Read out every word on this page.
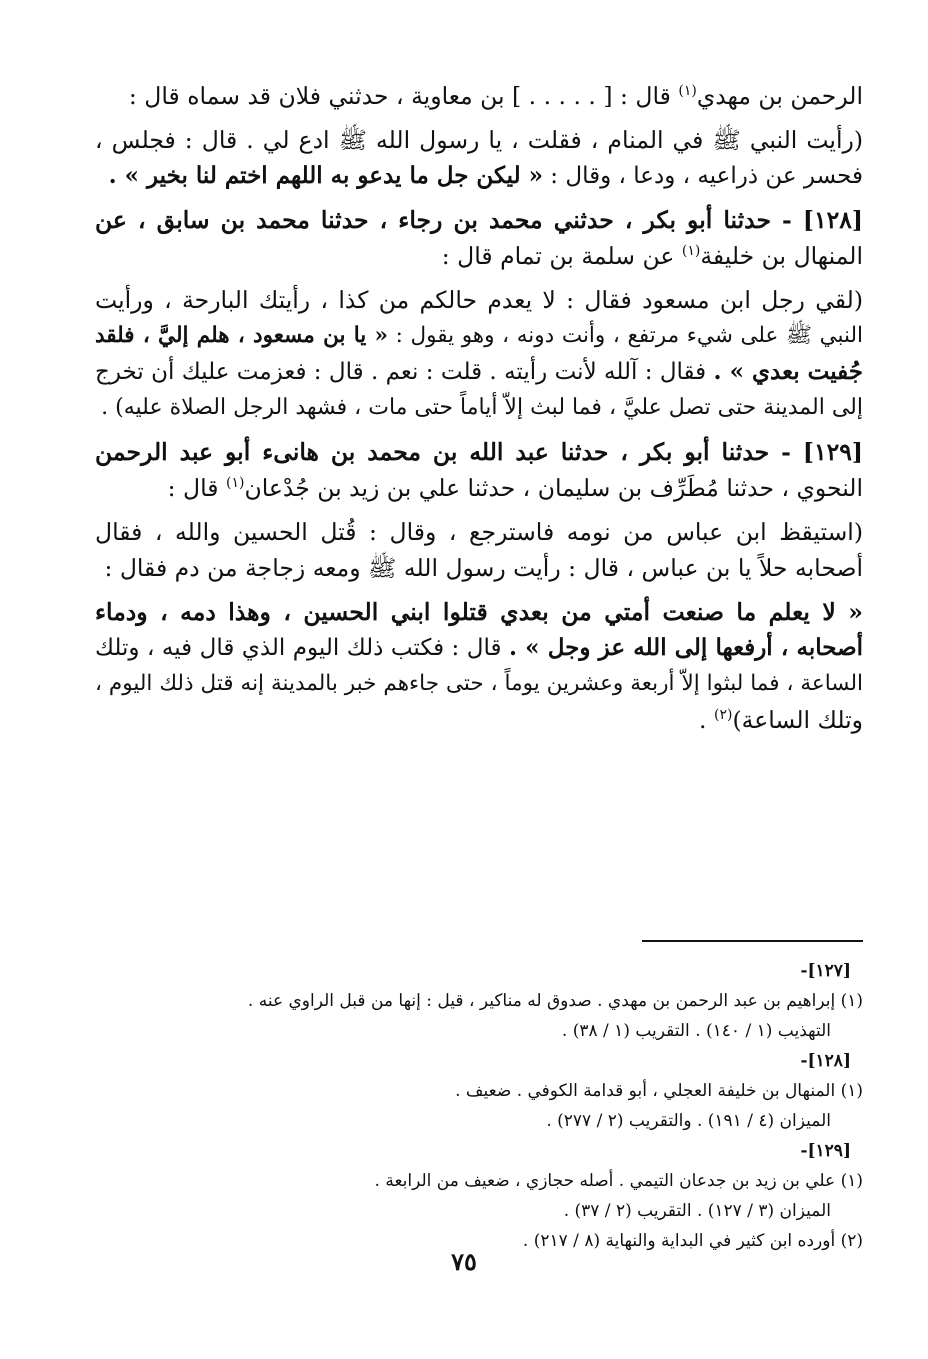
الرحمن بن مهدي$^{(١)}$ قال : [ . . . . . ] بن معاوية ، حدثني فلان قد سماه قال :

(رأيت النبي ﷺ في المنام ، فقلت ، يا رسول الله ﷺ ادع لي . قال : فجلس ،
فحسر عن ذراعيه ، ودعا ، وقال : « ليكن جل ما يدعو به اللهم اختم لنا بخير » .

[١٢٨] - حدثنا أبو بكر ، حدثني محمد بن رجاء ، حدثنا محمد بن سابق ، عن
المنهال بن خليفة$^{(١)}$ عن سلمة بن تمام قال :

(لقي رجل ابن مسعود فقال : لا يعدم حالكم من كذا ، رأيتك البارحة ، ورأيت
النبي ﷺ على شيء مرتفع ، وأنت دونه ، وهو يقول : « يا بن مسعود ، هلم إليَّ ، فلقد
جُفيت بعدي » . فقال : آلله لأنت رأيته . قلت : نعم . قال : فعزمت عليك أن تخرج
إلى المدينة حتى تصل عليَّ ، فما لبث إلاّ أياماً حتى مات ، فشهد الرجل الصلاة عليه) .

[١٢٩] - حدثنا أبو بكر ، حدثنا عبد الله بن محمد بن هانىء أبو عبد الرحمن
النحوي ، حدثنا مُطَرِّف بن سليمان ، حدثنا علي بن زيد بن جُدْعان$^{(١)}$ قال :

(استيقظ ابن عباس من نومه فاسترجع ، وقال : قُتل الحسين والله ، فقال
أصحابه حلاً يا بن عباس ، قال : رأيت رسول الله ﷺ ومعه زجاجة من دم فقال :

« لا يعلم ما صنعت أمتي من بعدي قتلوا ابني الحسين ، وهذا دمه ، ودماء
أصحابه ، أرفعها إلى الله عز وجل » . قال : فكتب ذلك اليوم الذي قال فيه ، وتلك
الساعة ، فما لبثوا إلاّ أربعة وعشرين يوماً ، حتى جاءهم خبر بالمدينة إنه قتل ذلك اليوم ،
وتلك الساعة)$^{(٢)}$ .

[١٢٧]-

(١) إبراهيم بن عبد الرحمن بن مهدي . صدوق له مناكير ، قيل : إنها من قبل الراوي عنه .

التهذيب (١ / ١٤٠) . التقريب (١ / ٣٨) .

[١٢٨]-

(١) المنهال بن خليفة العجلي ، أبو قدامة الكوفي . ضعيف .

الميزان (٤ / ١٩١) . والتقريب (٢ / ٢٧٧) .

[١٢٩]-

(١) علي بن زيد بن جدعان التيمي . أصله حجازي ، ضعيف من الرابعة .

الميزان (٣ / ١٢٧) . التقريب (٢ / ٣٧) .

(٢) أورده ابن كثير في البداية والنهاية (٨ / ٢١٧) .

٧٥
